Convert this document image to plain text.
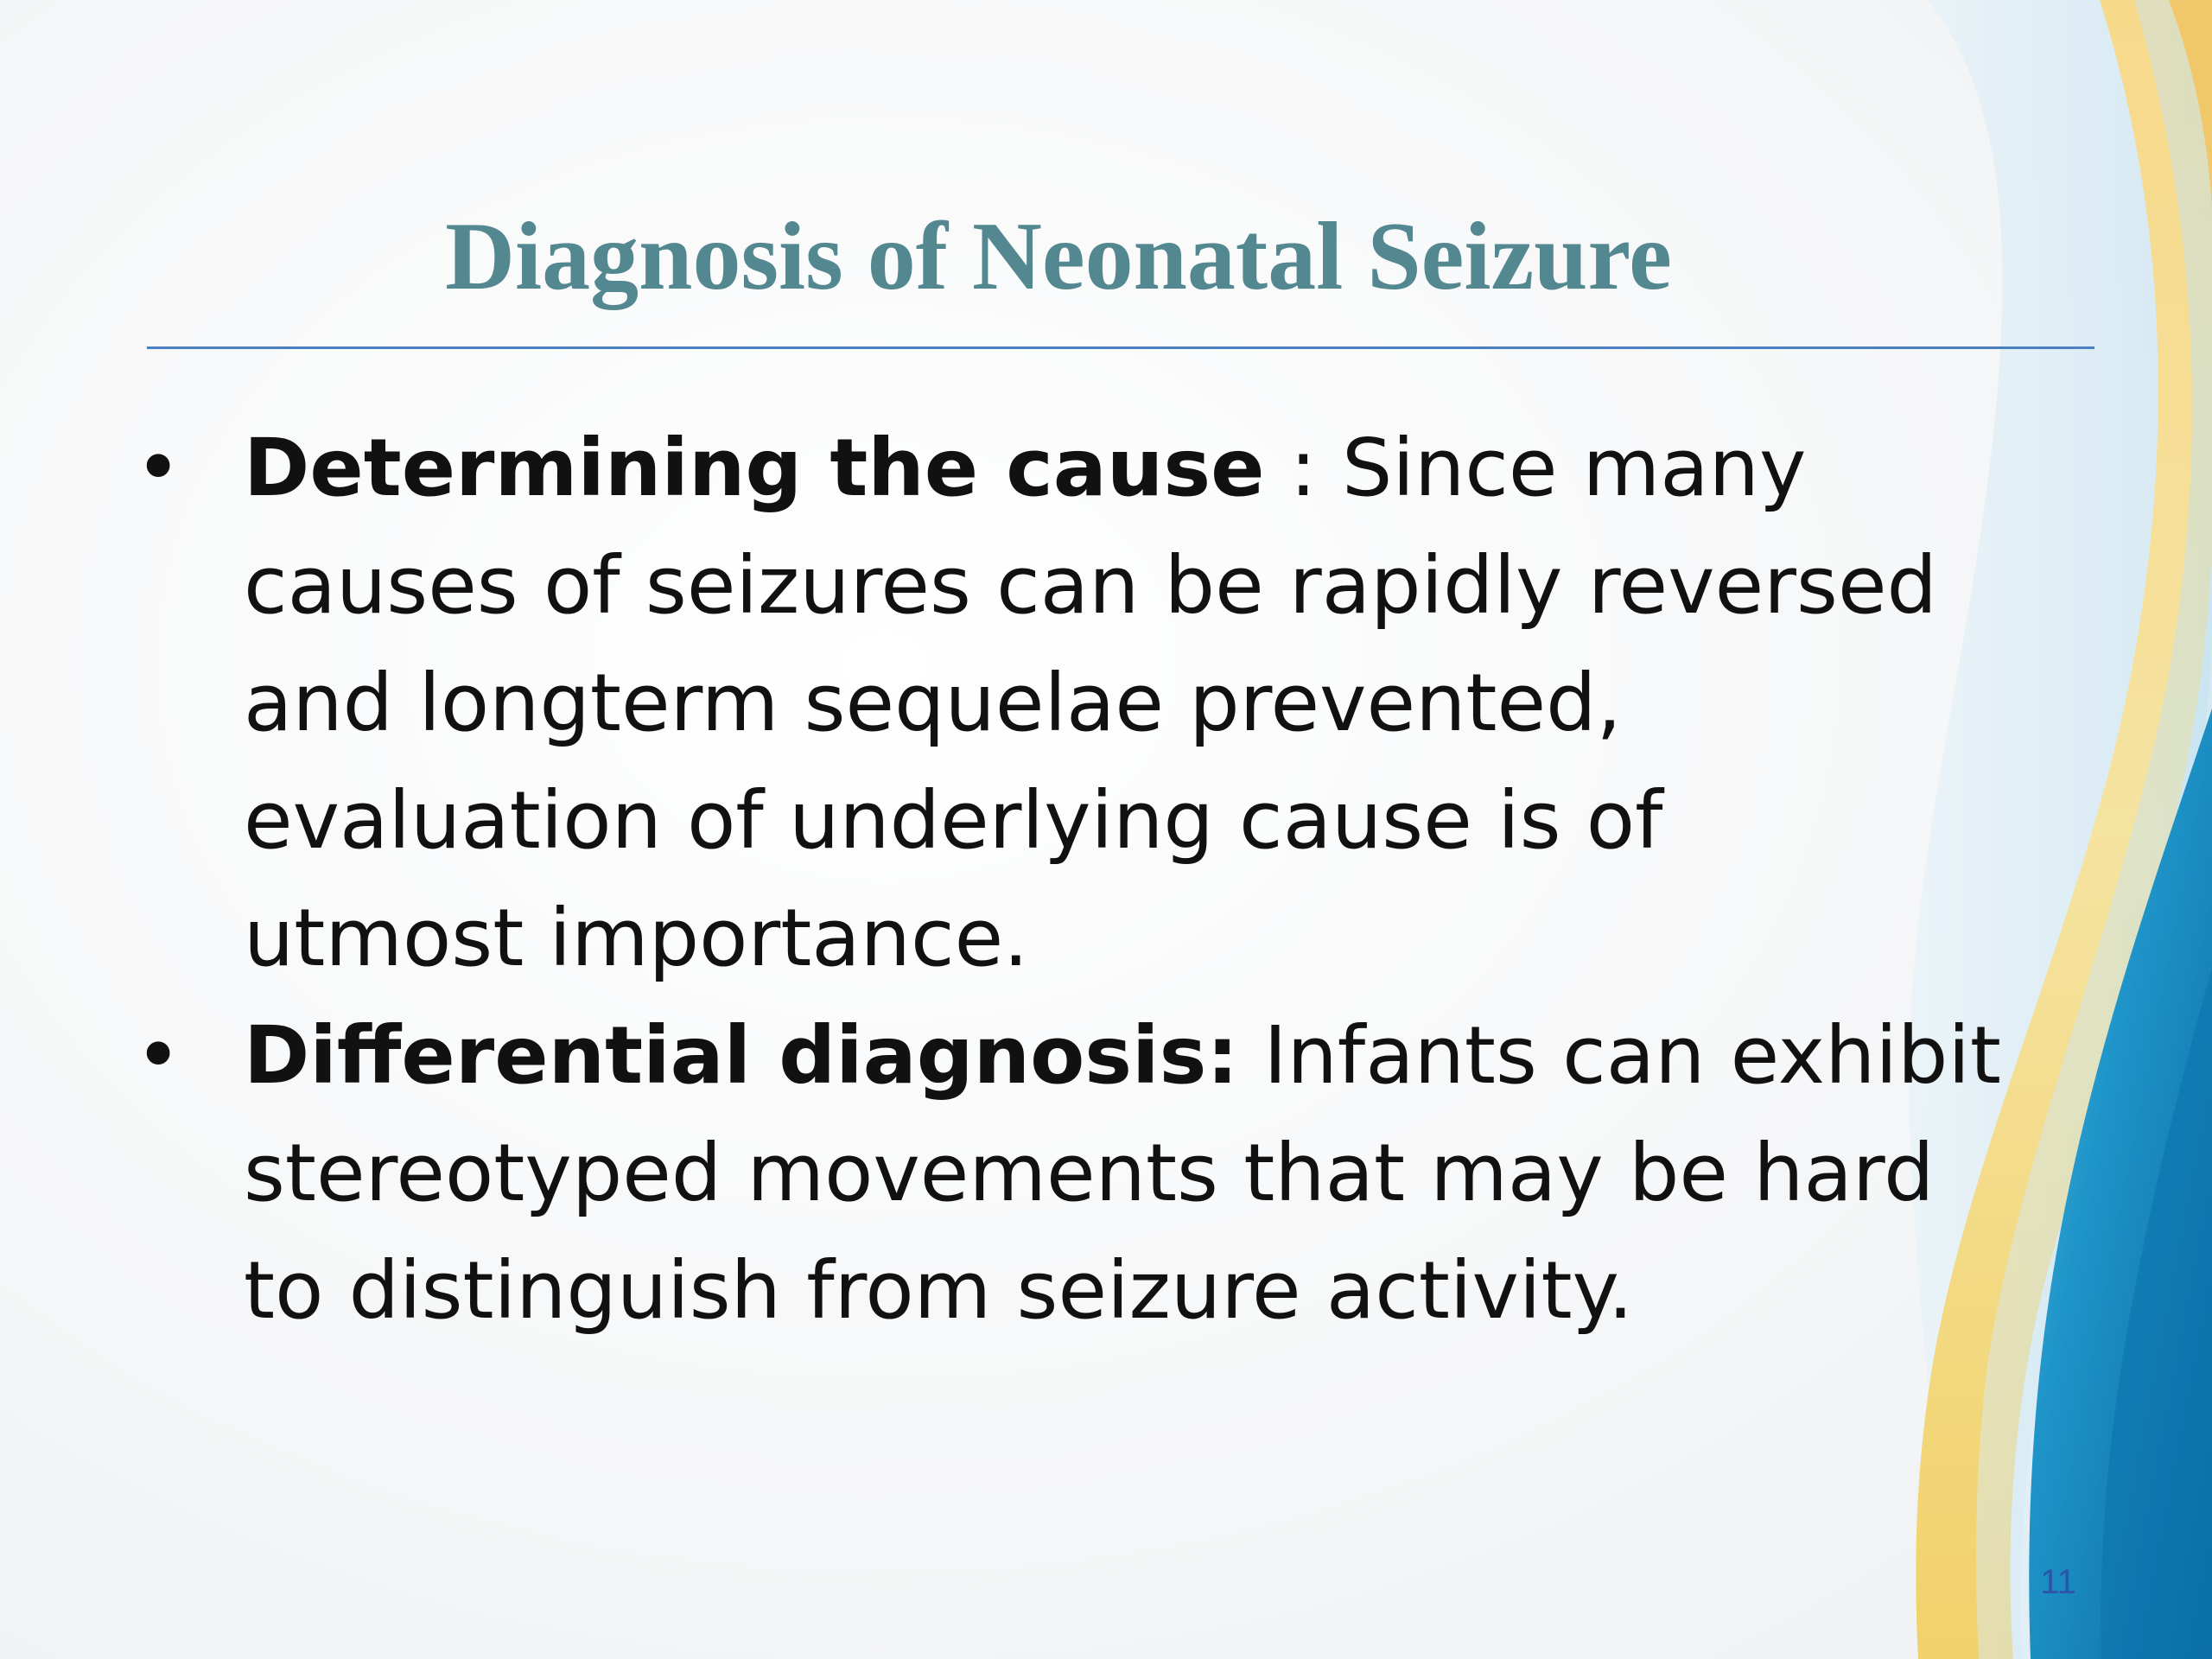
Diagnosis of Neonatal Seizure
• Determining the cause : Since many
causes of seizures can be rapidly reversed
and longterm sequelae prevented,
evaluation of underlying cause is of
utmost importance.
• Differential diagnosis: Infants can exhibit
stereotyped movements that may be hard
to distinguish from seizure activity.
11
